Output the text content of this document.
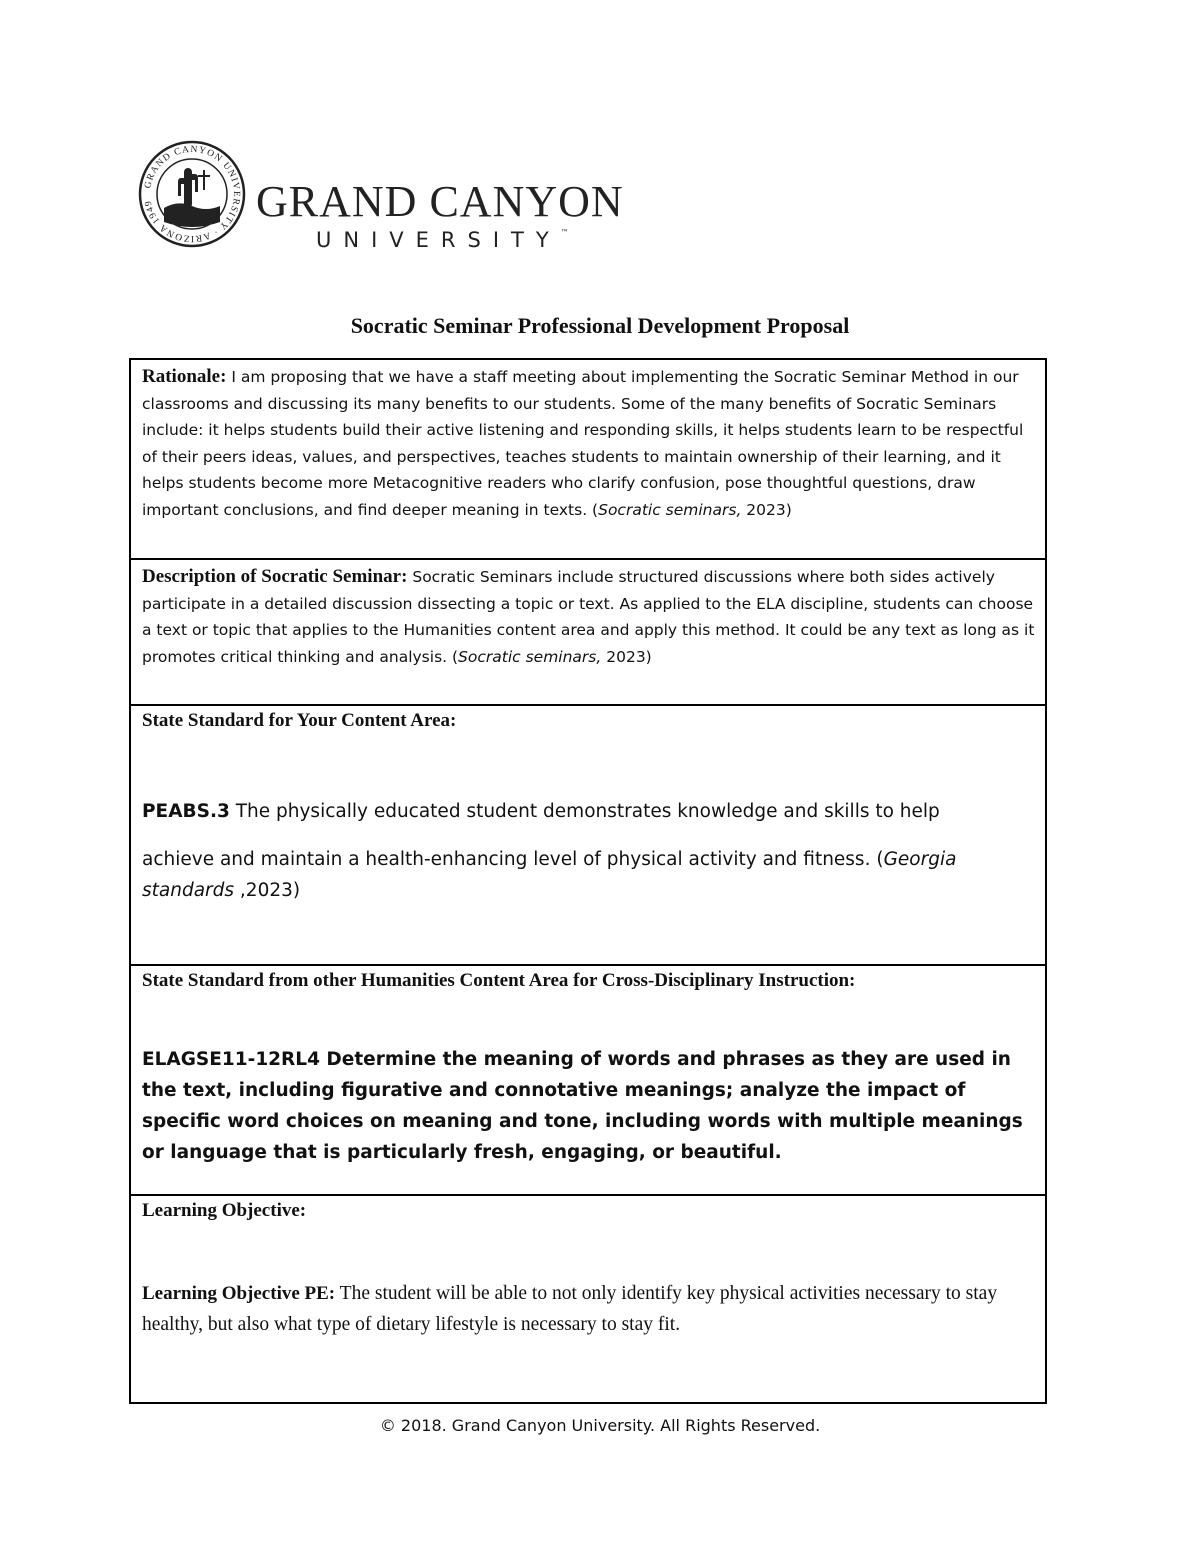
GRAND CANYON UNIVERSITY · ARIZONA 1949	GRAND CANYON
UNIVERSITY™
Socratic Seminar Professional Development Proposal
Rationale: I am proposing that we have a staff meeting about implementing the Socratic Seminar Method in our classrooms and discussing its many benefits to our students. Some of the many benefits of Socratic Seminars include: it helps students build their active listening and responding skills, it helps students learn to be respectful of their peers ideas, values, and perspectives, teaches students to maintain ownership of their learning, and it helps students become more Metacognitive readers who clarify confusion, pose thoughtful questions, draw important conclusions, and find deeper meaning in texts. (Socratic seminars, 2023)

Description of Socratic Seminar: Socratic Seminars include structured discussions where both sides actively participate in a detailed discussion dissecting a topic or text. As applied to the ELA discipline, students can choose a text or topic that applies to the Humanities content area and apply this method. It could be any text as long as it promotes critical thinking and analysis. (Socratic seminars, 2023)

State Standard for Your Content Area:
PEABS.3 The physically educated student demonstrates knowledge and skills to help
achieve and maintain a health-enhancing level of physical activity and fitness. (Georgia standards ,2023)

State Standard from other Humanities Content Area for Cross-Disciplinary Instruction:
ELAGSE11-12RL4 Determine the meaning of words and phrases as they are used in the text, including figurative and connotative meanings; analyze the impact of specific word choices on meaning and tone, including words with multiple meanings or language that is particularly fresh, engaging, or beautiful.

Learning Objective:
Learning Objective PE: The student will be able to not only identify key physical activities necessary to stay healthy, but also what type of dietary lifestyle is necessary to stay fit.
© 2018. Grand Canyon University. All Rights Reserved.
